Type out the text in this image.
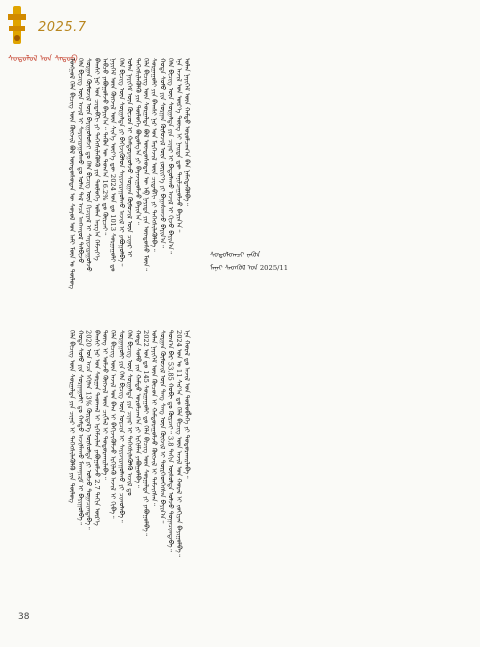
2025.7
ᠰᠤᠳᠤᠯᠤᠯ ᠤᠨ ᠰᠡᠳᠦᠪ
ᠮᠣᠩᠭᠣᠯ ᠬᠡᠯᠡ ᠪᠢᠴᠢᠭ ᠦᠨ ᠬᠥᠭᠵᠢᠯ ᠪᠣᠯ ᠦᠨᠳᠦᠰᠦᠲᠡᠨ ᠦ ᠰᠣᠶᠣᠯ ᠤᠨ ᠠᠮᠢ ᠮᠥᠨ ᠤ ᠲᠥᠯᠦᠭ ᠬᠡᠯᠡ ᠪᠢᠴᠢᠭ ᠦᠨ ᠠᠵᠢᠯ ᠢ ᠰᠠᠶᠢᠵᠢᠷᠠᠭᠤᠯᠬᠤ ᠳᠤ ᠣᠯᠠᠨ ᠲᠠᠯ ᠠᠴᠠ ᠠᠩᠬᠠᠷᠤᠯ ᠲᠠᠯᠪᠢᠵᠤ ᠰᠤᠷᠭᠠᠨ ᠬᠦᠮᠦᠵᠢᠯ ᠦᠨ ᠪᠠᠶᠢᠭᠤᠯᠤᠮᠵᠢ ᠳᠤ ᠬᠡᠯᠡ ᠪᠢᠴᠢᠭ ᠦᠨ ᠬᠢᠴᠢᠶᠡᠯ ᠢ ᠰᠠᠶᠢᠵᠢᠷᠠᠭᠤᠯᠵᠤ ᠪᠠᠭᠰᠢ ᠨᠠᠷ ᠤᠨ ᠴᠢᠳᠠᠪᠬᠢ ᠶᠢ ᠳᠡᠭᠡᠭᠰᠢᠯᠡᠭᠦᠯᠬᠦ ᠶᠢᠨ ᠲᠥᠯᠦᠭᠡ ᠣᠯᠠᠨ ᠠᠷᠭ᠎ᠠ ᠬᠡᠮᠵᠢᠶ᠎ᠡ ᠠᠪᠴᠤ ᠶᠠᠪᠤᠭᠤᠯᠵᠤ ᠪᠠᠶᠢᠨ᠎ᠠ᠃ ᠲᠡᠭᠦᠨ ᠦ ᠲᠣᠭ᠎ᠠ 16.2% ᠳᠤ ᠬᠦᠷᠴᠡᠢ᠃ ᠨᠡᠶᠢᠭᠡᠮ ᠦᠨ ᠬᠥᠭᠵᠢᠯ ᠦᠨ ᠰᠢᠨ᠎ᠡ ᠦᠶ᠎ᠡ ᠳᠦ 2024 ᠣᠨ ᠳᠤ 1013 ᠰᠤᠷᠭᠠᠭᠤᠯᠢ ᠳᠤ ᠬᠡᠯᠡ ᠪᠢᠴᠢᠭ ᠦᠨ ᠰᠤᠷᠭᠠᠯᠲᠠ ᠶᠢ ᠪᠡᠬᠢᠵᠢᠭᠦᠯᠦᠨ ᠰᠠᠶᠢᠵᠢᠷᠠᠭᠤᠯᠬᠤ ᠠᠵᠢᠯ ᠢ ᠶᠠᠪᠤᠭᠤᠯᠪᠠ᠃ ᠣᠯᠠᠨ ᠨᠡᠶᠢᠭᠡᠮ ᠦᠨ ᠬᠦᠴᠦᠨ ᠢ ᠬᠠᠮᠲᠤᠷᠠᠭᠤᠯᠵᠤ ᠰᠤᠷᠭᠠᠨ ᠬᠦᠮᠦᠵᠢᠯ ᠦᠨ ᠴᠢᠨᠠᠷ ᠢ ᠳᠡᠭᠡᠭᠰᠢᠯᠡᠭᠦᠯᠬᠦ ᠶᠢᠨ ᠲᠥᠯᠦᠭᠡ ᠪᠣᠳᠤᠯᠭ᠎ᠠ ᠶᠢ ᠪᠠᠶᠠᠵᠢᠭᠤᠯᠵᠤ ᠪᠠᠶᠢᠨ᠎ᠠ᠃ ᠬᠡᠯᠡ ᠪᠢᠴᠢᠭ ᠦᠨ ᠰᠤᠷᠭᠠᠯᠲᠠ ᠪᠣᠯ ᠦᠨᠳᠦᠰᠦᠲᠡᠨ ᠦ ᠡᠪ ᠨᠡᠶᠢᠲᠡ ᠶᠢᠨ ᠦᠨᠳᠦᠰᠦ ᠮᠥᠨ᠃ ᠰᠤᠷᠭᠠᠭᠤᠯᠢ ᠶᠢᠨ ᠪᠠᠭᠰᠢ ᠨᠠᠷ ᠤᠨ ᠮᠡᠷᠭᠡᠵᠢᠯ ᠦᠨ ᠴᠢᠳᠠᠪᠬᠢ ᠶᠢ ᠳᠡᠭᠡᠭᠰᠢᠯᠡᠭᠦᠯᠪᠡ᠃ ᠬᠣᠲᠠ ᠰᠣᠮᠤ ᠶᠢᠨ ᠰᠤᠷᠭᠠᠨ ᠬᠦᠮᠦᠵᠢᠯ ᠦᠨ ᠵᠥᠷᠢᠶ᠎ᠡ ᠶᠢ ᠪᠠᠭᠠᠰᠬᠠᠵᠤ ᠪᠠᠶᠢᠨ᠎ᠠ᠃ ᠬᠡᠯᠡ ᠪᠢᠴᠢᠭ ᠦᠨ ᠰᠤᠷᠭᠠᠯᠲᠠ ᠶᠢᠨ ᠴᠢᠨᠠᠷ ᠢ ᠪᠠᠲᠤᠯᠠᠬᠤ ᠠᠵᠢᠯ ᠢ ᠬᠢᠵᠦ ᠪᠠᠶᠢᠨ᠎ᠠ᠃ ᠡᠨᠡ ᠠᠵᠢᠯ ᠤᠨ ᠦᠷ᠎ᠡ ᠳᠦᠩ ᠢ ᠨᠡᠢᠲᠡ ᠳᠦ ᠲᠠᠨᠢᠯᠴᠠᠭᠤᠯᠵᠤ ᠪᠠᠶᠢᠨ᠎ᠠ᠃ ᠣᠯᠠᠨ ᠨᠡᠶᠢᠭᠡᠮ ᠦᠨ ᠬᠠᠮᠲᠤ ᠣᠷᠤᠯᠴᠠᠭ᠎ᠠ ᠪᠠᠨ ᠨᠡᠮᠡᠭᠳᠡᠭᠦᠯᠪᠡ᠃
ᠰᠤᠳᠤᠯᠤᠭᠴᠢ ᠵᠡᠭᠦᠨ
ᠮᠠᠨᠠᠢ ᠰᠡᠳᠬᠦᠯ ᠤᠨ 2025/11
ᠬᠡᠯᠡ ᠪᠢᠴᠢᠭ ᠦᠨ ᠰᠤᠷᠭᠠᠯᠲᠠ ᠶᠢᠨ ᠴᠢᠨᠠᠷ ᠢ ᠳᠡᠭᠡᠭᠰᠢᠯᠡᠭᠦᠯᠬᠦ ᠶᠢᠨ ᠲᠥᠯᠦᠭ ᠬᠣᠲᠠ ᠰᠣᠮᠤ ᠶᠢᠨ ᠰᠤᠷᠭᠠᠭᠤᠯᠢ ᠳᠤ ᠬᠠᠮᠲᠤ ᠠᠵᠢᠯᠯᠠᠬᠤ ᠮᠡᠬᠠᠨᠢᠽᠮ ᠢ ᠪᠠᠶᠢᠭᠤᠯᠪᠠ᠃ 2020 ᠣᠨ ᠠᠴᠠ ᠡᠬᠢᠯᠡᠨ 13% ᠬᠦᠷᠲᠡᠯ᠎ᠡ ᠥᠰᠦᠯᠲᠡ ᠶᠢ ᠣᠯᠵᠤ ᠲᠣᠭᠠᠴᠢᠭᠳᠠᠪᠠ᠃ ᠪᠠᠭᠰᠢ ᠨᠠᠷ ᠤᠨ ᠰᠤᠷᠭᠠᠨ ᠳᠠᠳᠬᠠᠯ ᠢ ᠡᠷᠭᠡᠮᠵᠢᠯᠡᠨ ᠶᠠᠪᠤᠭᠤᠯᠵᠤ 2.7 ᠳᠠᠬᠢᠨ ᠦᠷ᠎ᠡ ᠳᠦᠩ ᠢ ᠣᠯᠵᠤ ᠬᠥᠭᠵᠢᠯ ᠦᠨ ᠴᠢᠭᠯᠡᠯ ᠢ ᠲᠣᠳᠤᠷᠬᠠᠢᠯᠠᠪᠠ᠃ ᠬᠡᠯᠡ ᠪᠢᠴᠢᠭ ᠦᠨ ᠠᠵᠢᠯ ᠤᠨ ᠪᠠᠭ ᠢ ᠪᠡᠬᠢᠵᠢᠭᠦᠯᠵᠦ ᠡᠷᠬᠢᠯᠡᠬᠦ ᠠᠵᠢᠯ ᠢ ᠬᠢᠪᠡ᠃ ᠰᠤᠷᠭᠠᠭᠤᠯᠢ ᠶᠢᠨ ᠬᠡᠯᠡ ᠪᠢᠴᠢᠭ ᠦᠨ ᠣᠷᠴᠢᠨ ᠢ ᠰᠠᠶᠢᠵᠢᠷᠠᠭᠤᠯᠬᠤ ᠶᠢ ᠴᠢᠬᠤᠯᠠᠪᠠ᠃ ᠬᠡᠯᠡ ᠪᠢᠴᠢᠭ ᠦᠨ ᠰᠤᠷᠭᠠᠯᠲᠠ ᠶᠢᠨ ᠴᠢᠨᠠᠷ ᠢ ᠳᠡᠭᠡᠭᠰᠢᠯᠡᠭᠦᠯᠬᠦ ᠠᠵᠢᠯ ᠳᠤ ᠬᠣᠲᠠ ᠰᠣᠮᠤ ᠶᠢᠨ ᠬᠠᠮᠲᠤ ᠣᠷᠤᠯᠴᠠᠭ᠎ᠠ ᠶᠢ ᠡᠷᠬᠢᠮᠯᠡᠨ ᠶᠠᠪᠤᠭᠤᠯᠪᠠ᠃ 2022 ᠣᠨ ᠳᠤ 145 ᠰᠤᠷᠭᠠᠭᠤᠯᠢ ᠳᠤ ᠬᠡᠯᠡ ᠪᠢᠴᠢᠭ ᠦᠨ ᠰᠤᠷᠭᠠᠯᠲᠠ ᠶᠢ ᠶᠠᠪᠤᠭᠤᠯᠪᠠ᠃ ᠣᠯᠠᠨ ᠨᠡᠶᠢᠭᠡᠮ ᠦᠨ ᠬᠦᠴᠦᠨ ᠢ ᠬᠠᠮᠲᠤᠷᠠᠭᠤᠯᠵᠤ ᠬᠥᠭᠵᠢᠯ ᠢ ᠳᠡᠮᠵᠢᠭᠰᠡᠨ᠃ ᠰᠤᠷᠭᠠᠨ ᠬᠦᠮᠦᠵᠢᠯ ᠦᠨ ᠲᠡᠩ ᠰᠡᠩ ᠦᠨ ᠬᠥᠭᠵᠢᠯ ᠢ ᠲᠦᠷᠭᠡᠳᠭᠡᠭᠰᠡᠨ ᠪᠠᠶᠢᠨ᠎ᠠ᠃ ᠲᠣᠭ᠎ᠠ ᠪᠡᠷ 53.85 ᠬᠤᠪᠢ ᠳᠤ ᠬᠦᠷᠴᠡᠢ᠃ 3.8 ᠳᠠᠬᠢᠨ ᠥᠰᠦᠯᠲᠡ ᠣᠯᠵᠤ ᠲᠣᠭᠠᠴᠢᠭᠳᠠᠪᠠ᠃ 2024 ᠣᠨ ᠤ 11 ᠰᠠᠷ᠎ᠠ ᠳᠤ ᠬᠡᠯᠡ ᠪᠢᠴᠢᠭ ᠦᠨ ᠠᠵᠢᠯ ᠤᠨ ᠬᠤᠷᠠᠯ ᠢ ᠵᠣᠬᠢᠶᠠᠨ ᠪᠠᠶᠢᠭᠤᠯᠪᠠ᠃ ᠡᠨᠡ ᠬᠤᠷᠠᠯ ᠳᠤ ᠠᠵᠢᠯ ᠤᠨ ᠲᠥᠯᠦᠪᠯᠡᠭᠡ ᠶᠢ ᠲᠣᠳᠤᠷᠬᠠᠢᠯᠠᠪᠠ᠃
38
